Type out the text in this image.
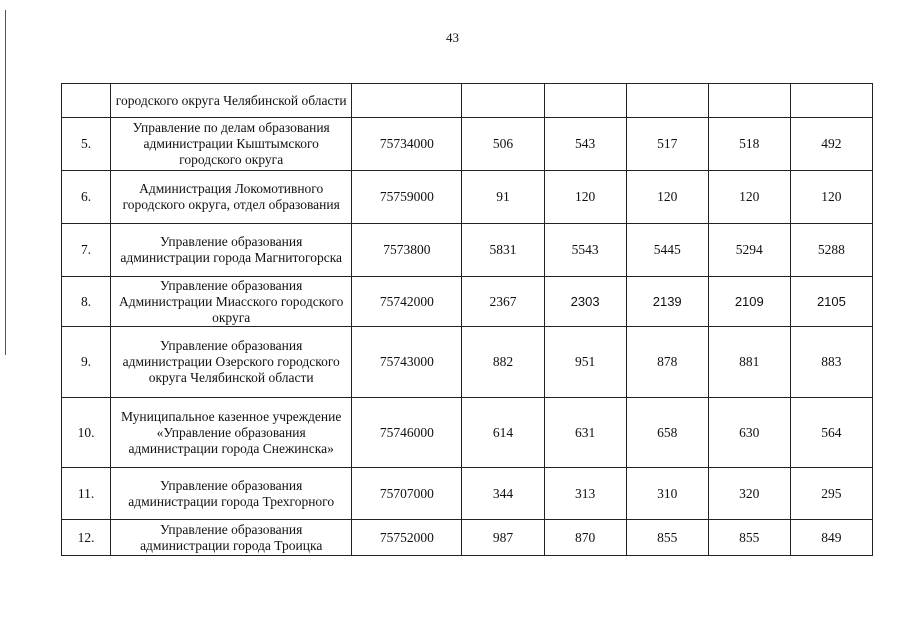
43
	городского округа Челябинской области						
5.	Управление по делам образования администрации Кыштымского городского округа	75734000	506	543	517	518	492
6.	Администрация Локомотивного городского округа, отдел образования	75759000	91	120	120	120	120
7.	Управление образования администрации города Магнитогорска	7573800	5831	5543	5445	5294	5288
8.	Управление образования Администрации Миасского городского округа	75742000	2367	2303	2139	2109	2105
9.	Управление образования администрации Озерского городского округа Челябинской области	75743000	882	951	878	881	883
10.	Муниципальное казенное учреждение «Управление образования администрации города Снежинска»	75746000	614	631	658	630	564
11.	Управление образования администрации города Трехгорного	75707000	344	313	310	320	295
12.	Управление образования администрации города Троицка	75752000	987	870	855	855	849
